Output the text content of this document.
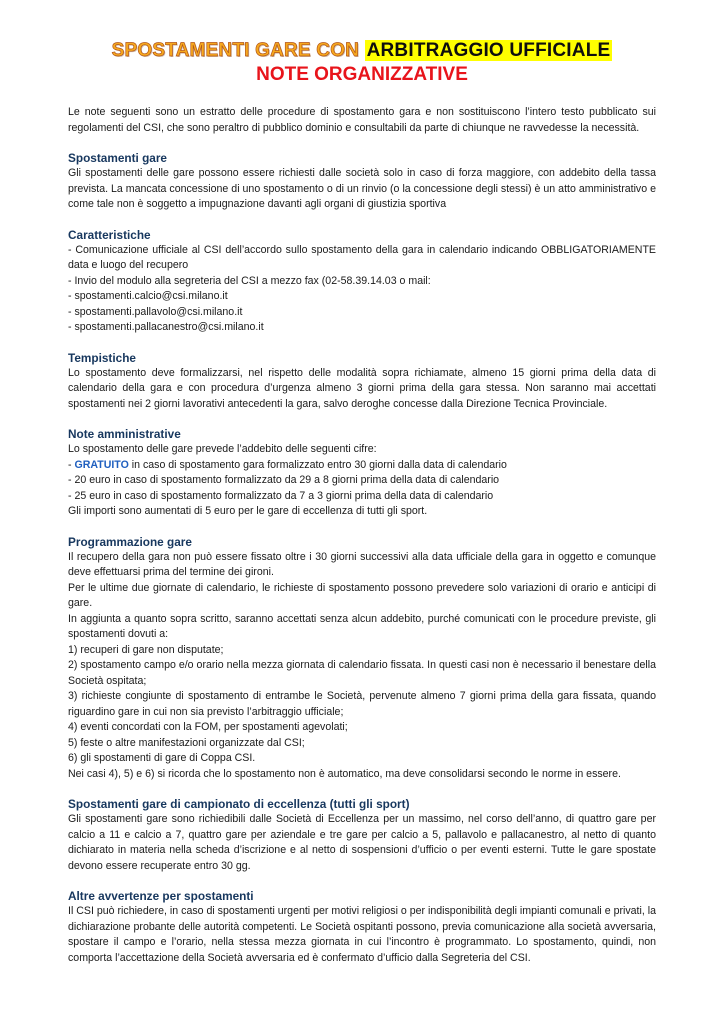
SPOSTAMENTI GARE CON ARBITRAGGIO UFFICIALE
NOTE ORGANIZZATIVE

Le note seguenti sono un estratto delle procedure di spostamento gara e non sostituiscono l’intero testo pubblicato sui regolamenti del CSI, che sono peraltro di pubblico dominio e consultabili da parte di chiunque ne ravvedesse la necessità.

Spostamenti gare

Gli spostamenti delle gare possono essere richiesti dalle società solo in caso di forza maggiore, con addebito della tassa prevista. La mancata concessione di uno spostamento o di un rinvio (o la concessione degli stessi) è un atto amministrativo e come tale non è soggetto a impugnazione davanti agli organi di giustizia sportiva

Caratteristiche
- Comunicazione ufficiale al CSI dell’accordo sullo spostamento della gara in calendario indicando OBBLIGATORIAMENTE data e luogo del recupero
- Invio del modulo alla segreteria del CSI a mezzo fax (02-58.39.14.03 o mail:
- spostamenti.calcio@csi.milano.it
- spostamenti.pallavolo@csi.milano.it
- spostamenti.pallacanestro@csi.milano.it
Tempistiche

Lo spostamento deve formalizzarsi, nel rispetto delle modalità sopra richiamate, almeno 15 giorni prima della data di calendario della gara e con procedura d’urgenza almeno 3 giorni prima della gara stessa. Non saranno mai accettati spostamenti nei 2 giorni lavorativi antecedenti la gara, salvo deroghe concesse dalla Direzione Tecnica Provinciale.

Note amministrative
Lo spostamento delle gare prevede l’addebito delle seguenti cifre:
- GRATUITO in caso di spostamento gara formalizzato entro 30 giorni dalla data di calendario
- 20 euro in caso di spostamento formalizzato da 29 a 8 giorni prima della data di calendario
- 25 euro in caso di spostamento formalizzato da 7 a 3 giorni prima della data di calendario
Gli importi sono aumentati di 5 euro per le gare di eccellenza di tutti gli sport.
Programmazione gare

Il recupero della gara non può essere fissato oltre i 30 giorni successivi alla data ufficiale della gara in oggetto e comunque deve effettuarsi prima del termine dei gironi.

Per le ultime due giornate di calendario, le richieste di spostamento possono prevedere solo variazioni di orario e anticipi di gare.

In aggiunta a quanto sopra scritto, saranno accettati senza alcun addebito, purché comunicati con le procedure previste, gli spostamenti dovuti a:

1) recuperi di gare non disputate;

2) spostamento campo e/o orario nella mezza giornata di calendario fissata. In questi casi non è necessario il benestare della Società ospitata;

3) richieste congiunte di spostamento di entrambe le Società, pervenute almeno 7 giorni prima della gara fissata, quando riguardino gare in cui non sia previsto l’arbitraggio ufficiale;

4) eventi concordati con la FOM, per spostamenti agevolati;

5) feste o altre manifestazioni organizzate dal CSI;

6) gli spostamenti di gare di Coppa CSI.

Nei casi 4), 5) e 6) si ricorda che lo spostamento non è automatico, ma deve consolidarsi secondo le norme in essere.

Spostamenti gare di campionato di eccellenza (tutti gli sport)

Gli spostamenti gare sono richiedibili dalle Società di Eccellenza per un massimo, nel corso dell’anno, di quattro gare per calcio a 11 e calcio a 7, quattro gare per aziendale e tre gare per calcio a 5, pallavolo e pallacanestro, al netto di quanto dichiarato in materia nella scheda d’iscrizione e al netto di sospensioni d’ufficio o per eventi esterni. Tutte le gare spostate devono essere recuperate entro 30 gg.

Altre avvertenze per spostamenti

Il CSI può richiedere, in caso di spostamenti urgenti per motivi religiosi o per indisponibilità degli impianti comunali e privati, la dichiarazione probante delle autorità competenti. Le Società ospitanti possono, previa comunicazione alla società avversaria, spostare il campo e l’orario, nella stessa mezza giornata in cui l’incontro è programmato. Lo spostamento, quindi, non comporta l’accettazione della Società avversaria ed è confermato d’ufficio dalla Segreteria del CSI.
